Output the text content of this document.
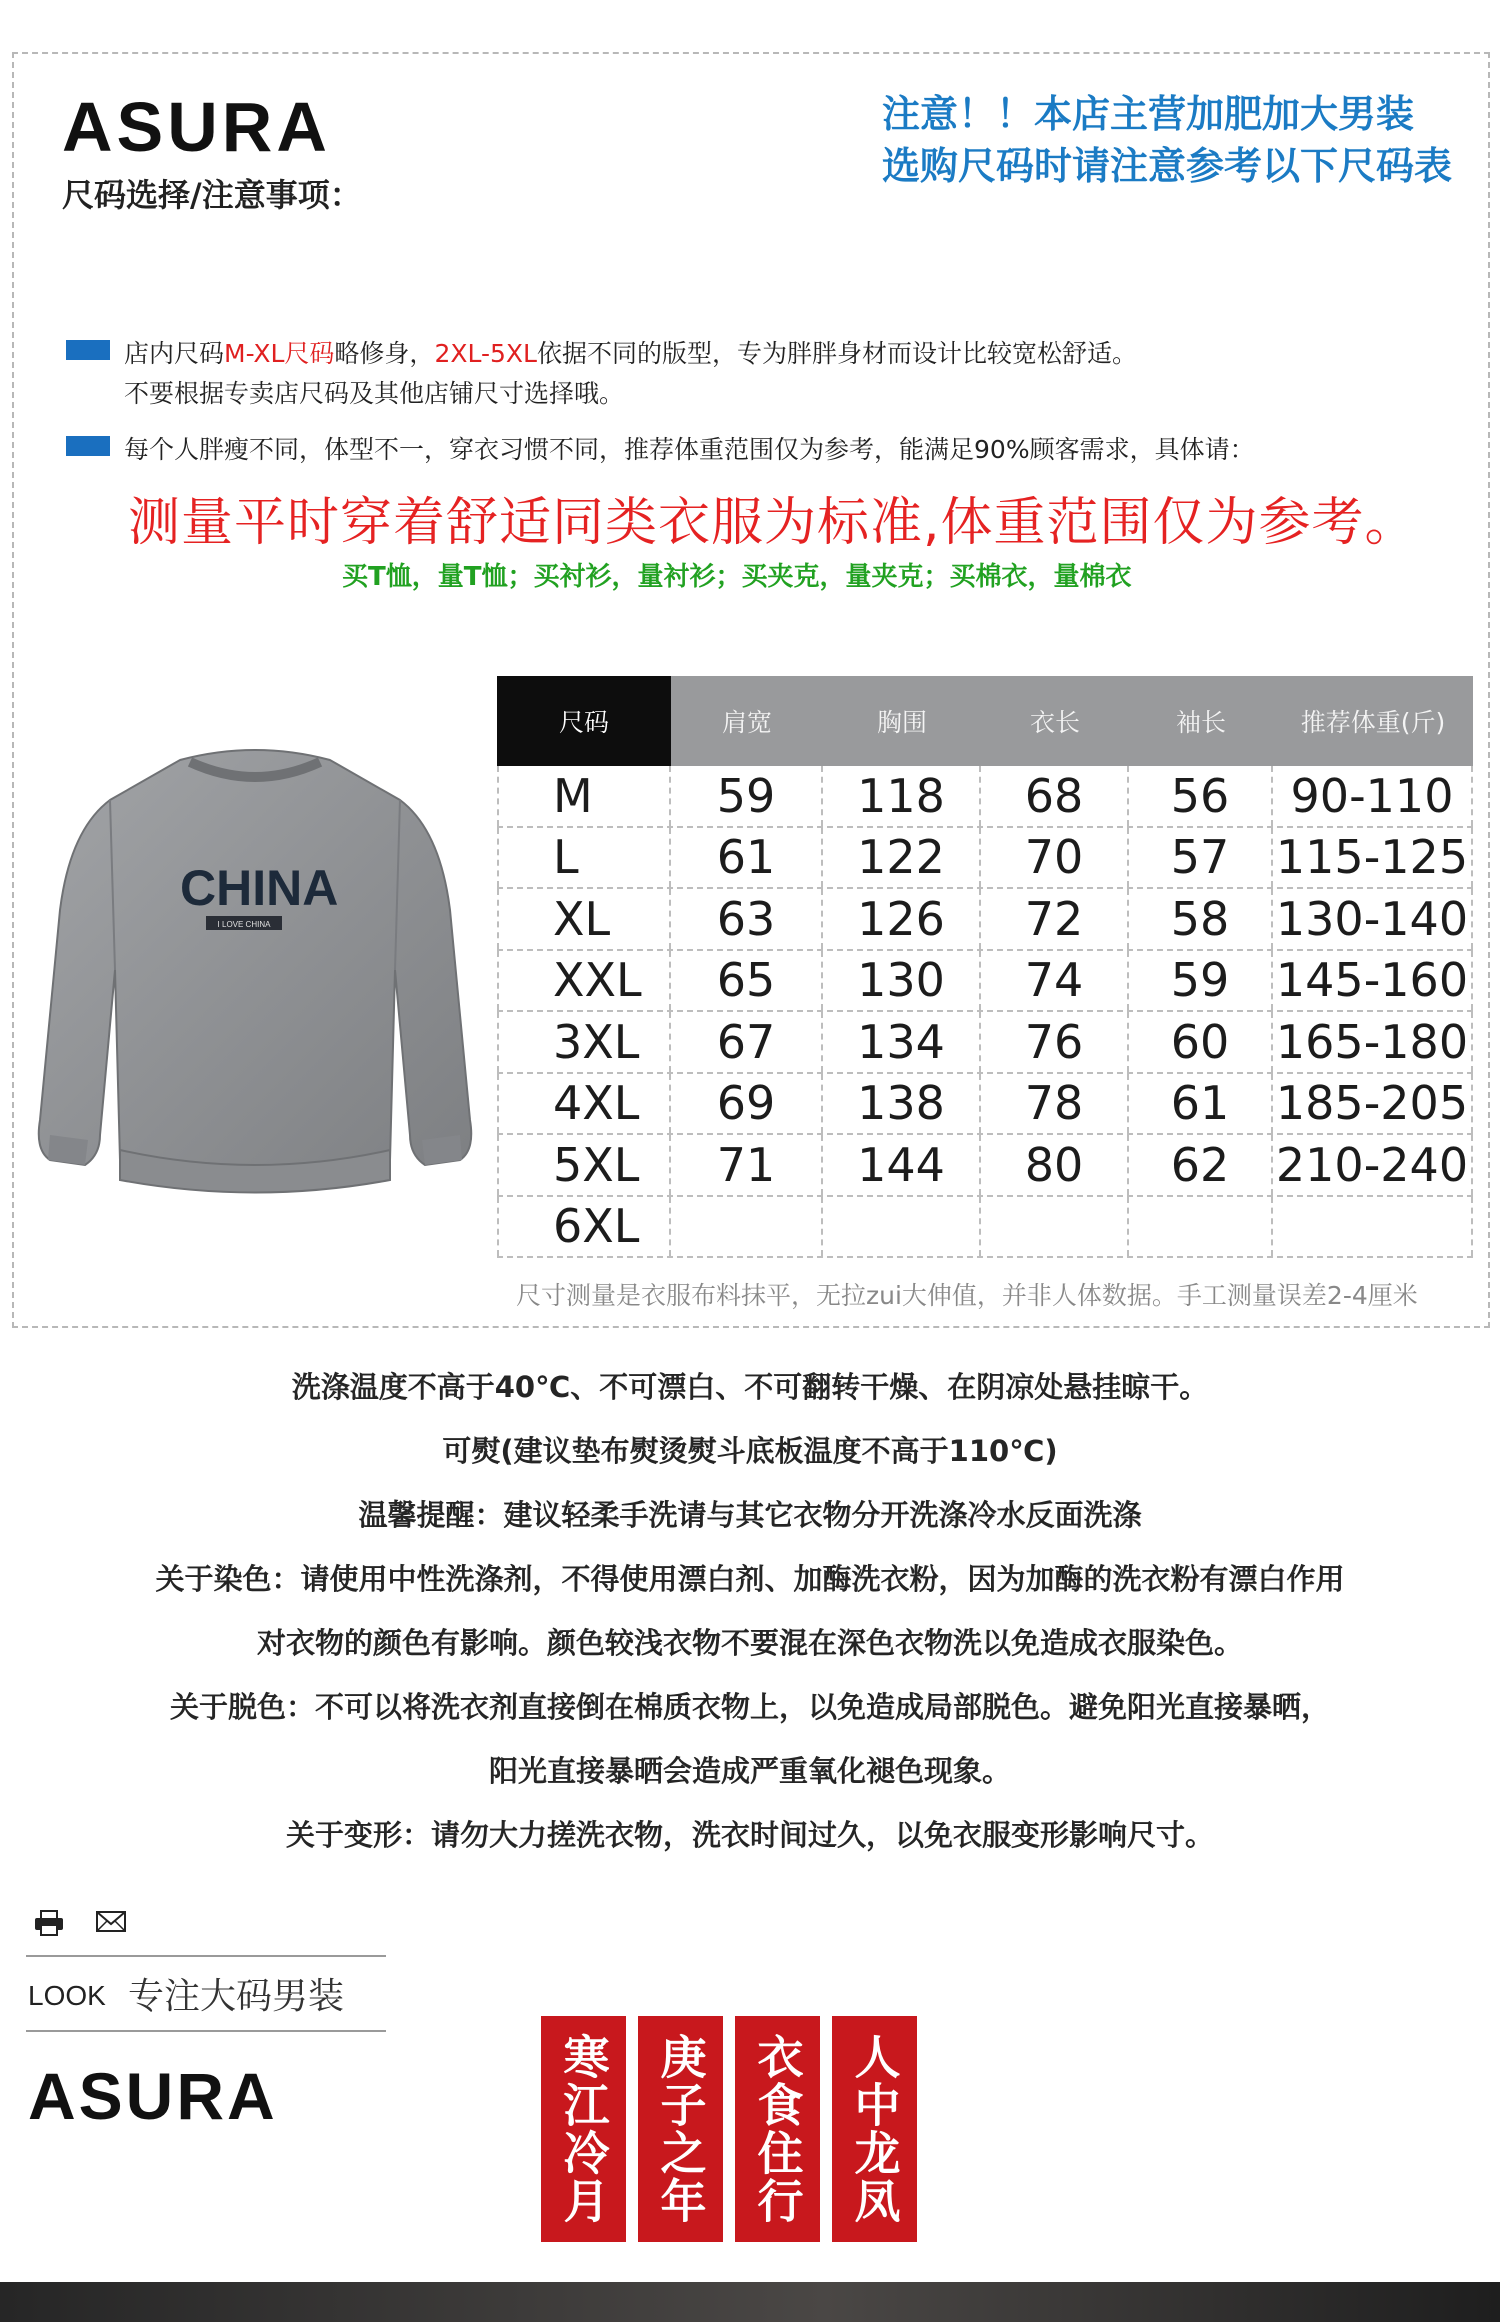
ASURA
尺码选择/注意事项：
注意！！本店主营加肥加大男装
选购尺码时请注意参考以下尺码表
店内尺码M-XL尺码略修身，2XL-5XL依据不同的版型，专为胖胖身材而设计比较宽松舒适。
不要根据专卖店尺码及其他店铺尺寸选择哦。
每个人胖瘦不同，体型不一，穿衣习惯不同，推荐体重范围仅为参考，能满足90%顾客需求，具体请：
测量平时穿着舒适同类衣服为标准,体重范围仅为参考。
买T恤，量T恤；买衬衫，量衬衫；买夹克，量夹克；买棉衣，量棉衣
CHINA
I LOVE CHINA
尺码	肩宽	胸围	衣长	袖长	推荐体重(斤)
M	59	118	68	56	90-110
L	61	122	70	57	115-125
XL	63	126	72	58	130-140
XXL	65	130	74	59	145-160
3XL	67	134	76	60	165-180
4XL	69	138	78	61	185-205
5XL	71	144	80	62	210-240
6XL
尺寸测量是衣服布料抹平，无拉zui大伸值，并非人体数据。手工测量误差2-4厘米

洗涤温度不高于40℃、不可漂白、不可翻转干燥、在阴凉处悬挂晾干。

可熨(建议垫布熨烫熨斗底板温度不高于110℃)

温馨提醒：建议轻柔手洗请与其它衣物分开洗涤冷水反面洗涤

关于染色：请使用中性洗涤剂，不得使用漂白剂、加酶洗衣粉，因为加酶的洗衣粉有漂白作用

对衣物的颜色有影响。颜色较浅衣物不要混在深色衣物洗以免造成衣服染色。

关于脱色：不可以将洗衣剂直接倒在棉质衣物上，以免造成局部脱色。避免阳光直接暴晒，

阳光直接暴晒会造成严重氧化褪色现象。

关于变形：请勿大力搓洗衣物，洗衣时间过久，以免衣服变形影响尺寸。

LOOK 专注大码男装
ASURA	寒江冷月 庚子之年 衣食住行 人中龙凤
